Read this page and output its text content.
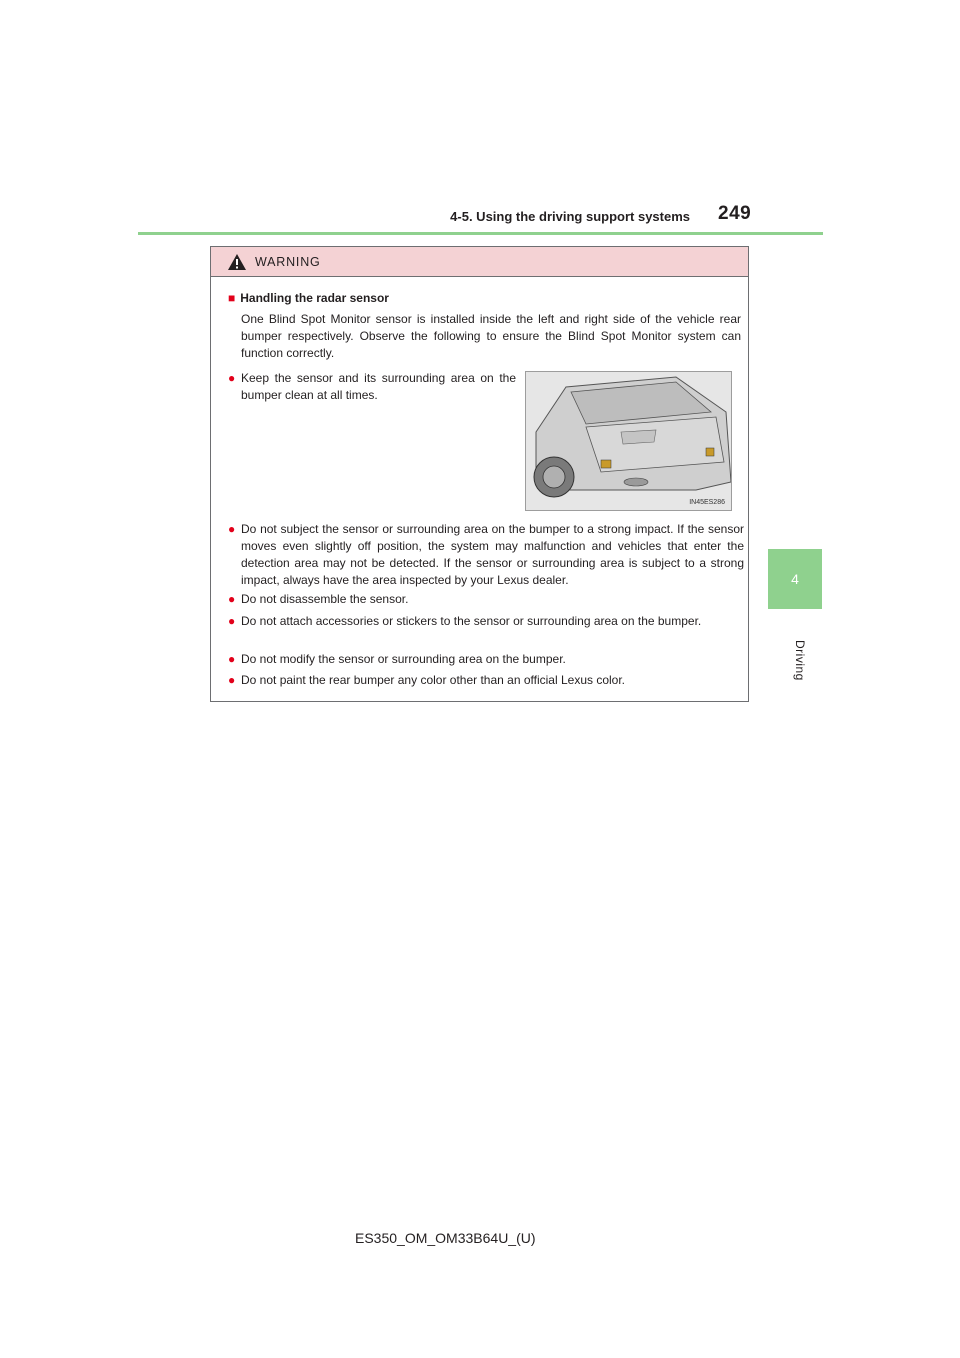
4-5. Using the driving support systems 249
4
Driving
WARNING
■ Handling the radar sensor
One Blind Spot Monitor sensor is installed inside the left and right side of the vehicle rear bumper respectively. Observe the following to ensure the Blind Spot Monitor system can function correctly.
● Keep the sensor and its surrounding area on the bumper clean at all times.
IN45ES286
● Do not subject the sensor or surrounding area on the bumper to a strong impact. If the sensor moves even slightly off position, the system may malfunction and vehicles that enter the detection area may not be detected. If the sensor or surrounding area is subject to a strong impact, always have the area inspected by your Lexus dealer.
● Do not disassemble the sensor.
● Do not attach accessories or stickers to the sensor or surrounding area on the bumper.
● Do not modify the sensor or surrounding area on the bumper.
● Do not paint the rear bumper any color other than an official Lexus color.
ES350_OM_OM33B64U_(U)
